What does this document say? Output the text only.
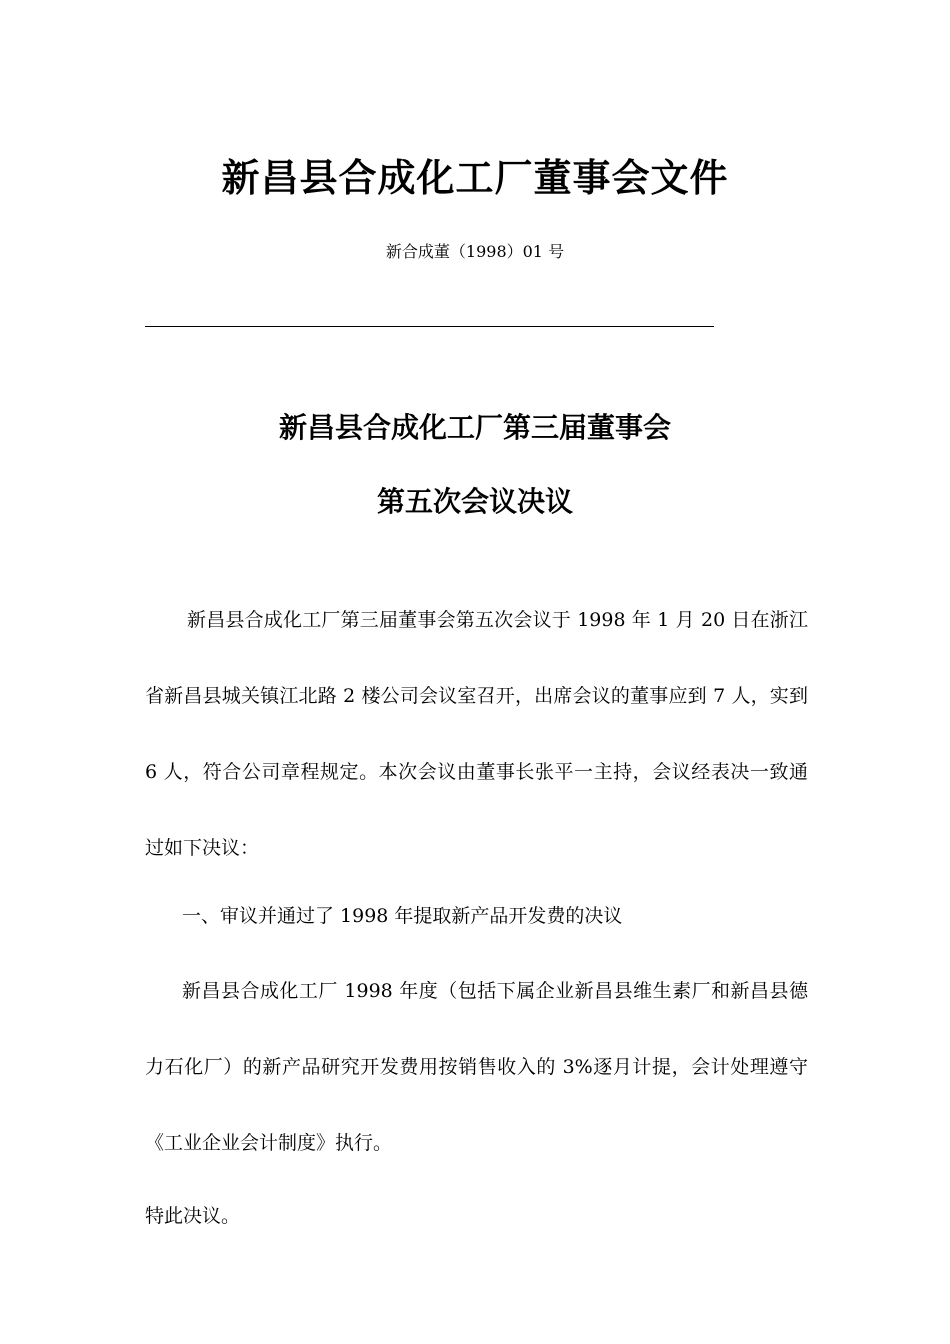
新昌县合成化工厂董事会文件
新合成董（1998）01 号
新昌县合成化工厂第三届董事会
第五次会议决议

新昌县合成化工厂第三届董事会第五次会议于 1998 年 1 月 20 日在浙江省新昌县城关镇江北路 2 楼公司会议室召开，出席会议的董事应到 7 人，实到 6 人，符合公司章程规定。本次会议由董事长张平一主持，会议经表决一致通过如下决议：

一、审议并通过了 1998 年提取新产品开发费的决议

新昌县合成化工厂 1998 年度（包括下属企业新昌县维生素厂和新昌县德力石化厂）的新产品研究开发费用按销售收入的 3%逐月计提，会计处理遵守《工业企业会计制度》执行。

特此决议。
